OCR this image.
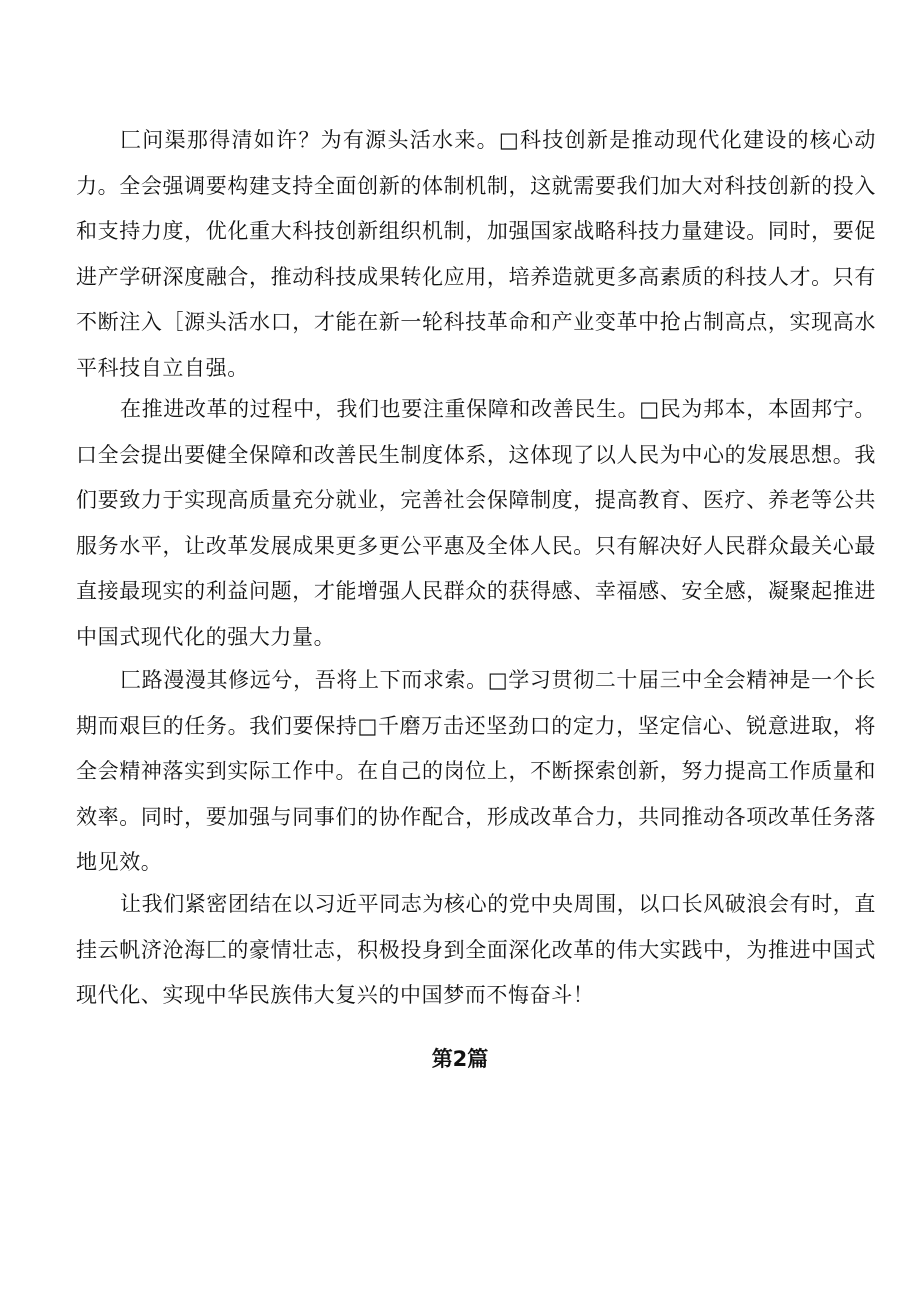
匚问渠那得清如许？为有源头活水来。□科技创新是推动现代化建设的核心动力。全会强调要构建支持全面创新的体制机制，这就需要我们加大对科技创新的投入和支持力度，优化重大科技创新组织机制，加强国家战略科技力量建设。同时，要促进产学研深度融合，推动科技成果转化应用，培养造就更多高素质的科技人才。只有不断注入［源头活水口，才能在新一轮科技革命和产业变革中抢占制高点，实现高水平科技自立自强。

在推进改革的过程中，我们也要注重保障和改善民生。□民为邦本，本固邦宁。口全会提出要健全保障和改善民生制度体系，这体现了以人民为中心的发展思想。我们要致力于实现高质量充分就业，完善社会保障制度，提高教育、医疗、养老等公共服务水平，让改革发展成果更多更公平惠及全体人民。只有解决好人民群众最关心最直接最现实的利益问题，才能增强人民群众的获得感、幸福感、安全感，凝聚起推进中国式现代化的强大力量。

匚路漫漫其修远兮，吾将上下而求索。□学习贯彻二十届三中全会精神是一个长期而艰巨的任务。我们要保持□千磨万击还坚劲口的定力，坚定信心、锐意进取，将全会精神落实到实际工作中。在自己的岗位上，不断探索创新，努力提高工作质量和效率。同时，要加强与同事们的协作配合，形成改革合力，共同推动各项改革任务落地见效。

让我们紧密团结在以习近平同志为核心的党中央周围，以口长风破浪会有时，直挂云帆济沧海匚的豪情壮志，积极投身到全面深化改革的伟大实践中，为推进中国式现代化、实现中华民族伟大复兴的中国梦而不悔奋斗！

第2篇
